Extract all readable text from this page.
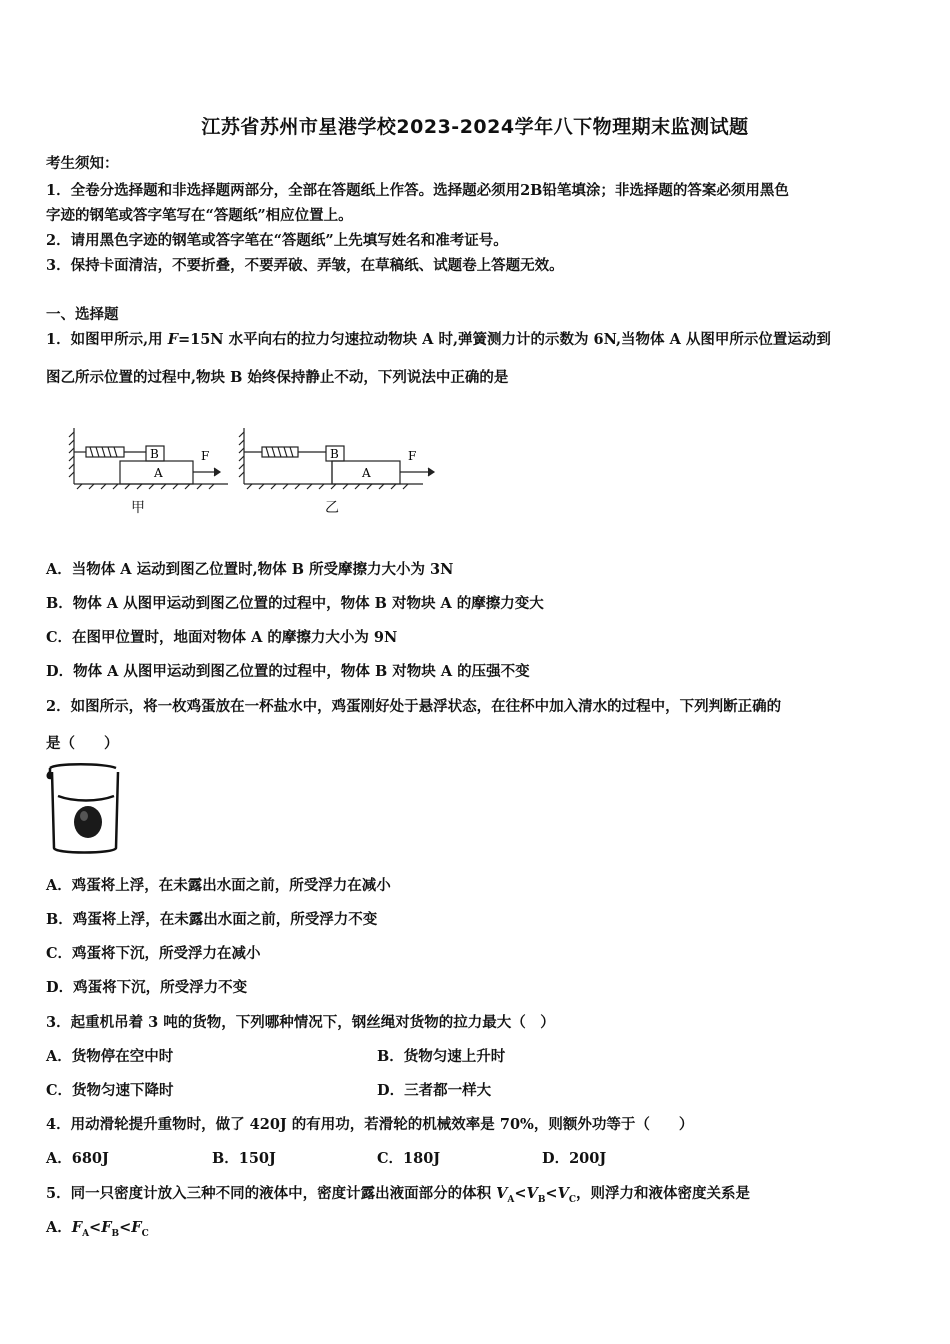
江苏省苏州市星港学校2023-2024学年八下物理期末监测试题
考生须知：
1．全卷分选择题和非选择题两部分，全部在答题纸上作答。选择题必须用2B铅笔填涂；非选择题的答案必须用黑色
字迹的钢笔或答字笔写在“答题纸”相应位置上。
2．请用黑色字迹的钢笔或答字笔在“答题纸”上先填写姓名和准考证号。
3．保持卡面清洁，不要折叠，不要弄破、弄皱，在草稿纸、试题卷上答题无效。
一、选择题
1．如图甲所示,用 F=15N 水平向右的拉力匀速拉动物块 A 时,弹簧测力计的示数为 6N,当物体 A 从图甲所示位置运动到
图乙所示位置的过程中,物块 B 始终保持静止不动，下列说法中正确的是
B
A
F
甲
B
A
F
乙
A．当物体 A 运动到图乙位置时,物体 B 所受摩擦力大小为 3N
B．物体 A 从图甲运动到图乙位置的过程中，物体 B 对物块 A 的摩擦力变大
C．在图甲位置时，地面对物体 A 的摩擦力大小为 9N
D．物体 A 从图甲运动到图乙位置的过程中，物体 B 对物块 A 的压强不变
2．如图所示，将一枚鸡蛋放在一杯盐水中，鸡蛋刚好处于悬浮状态，在往杯中加入清水的过程中，下列判断正确的
是（　　）
A．鸡蛋将上浮，在未露出水面之前，所受浮力在减小
B．鸡蛋将上浮，在未露出水面之前，所受浮力不变
C．鸡蛋将下沉，所受浮力在减小
D．鸡蛋将下沉，所受浮力不变
3．起重机吊着 3 吨的货物，下列哪种情况下，钢丝绳对货物的拉力最大（　）
A．货物停在空中时	B．货物匀速上升时
C．货物匀速下降时	D．三者都一样大
4．用动滑轮提升重物时，做了 420J 的有用功，若滑轮的机械效率是 70%，则额外功等于（　　）
A．680J	B．150J	C．180J	D．200J
5．同一只密度计放入三种不同的液体中，密度计露出液面部分的体积 $V_A<V_B<V_C$，则浮力和液体密度关系是
A．$F_A<F_B<F_C$
